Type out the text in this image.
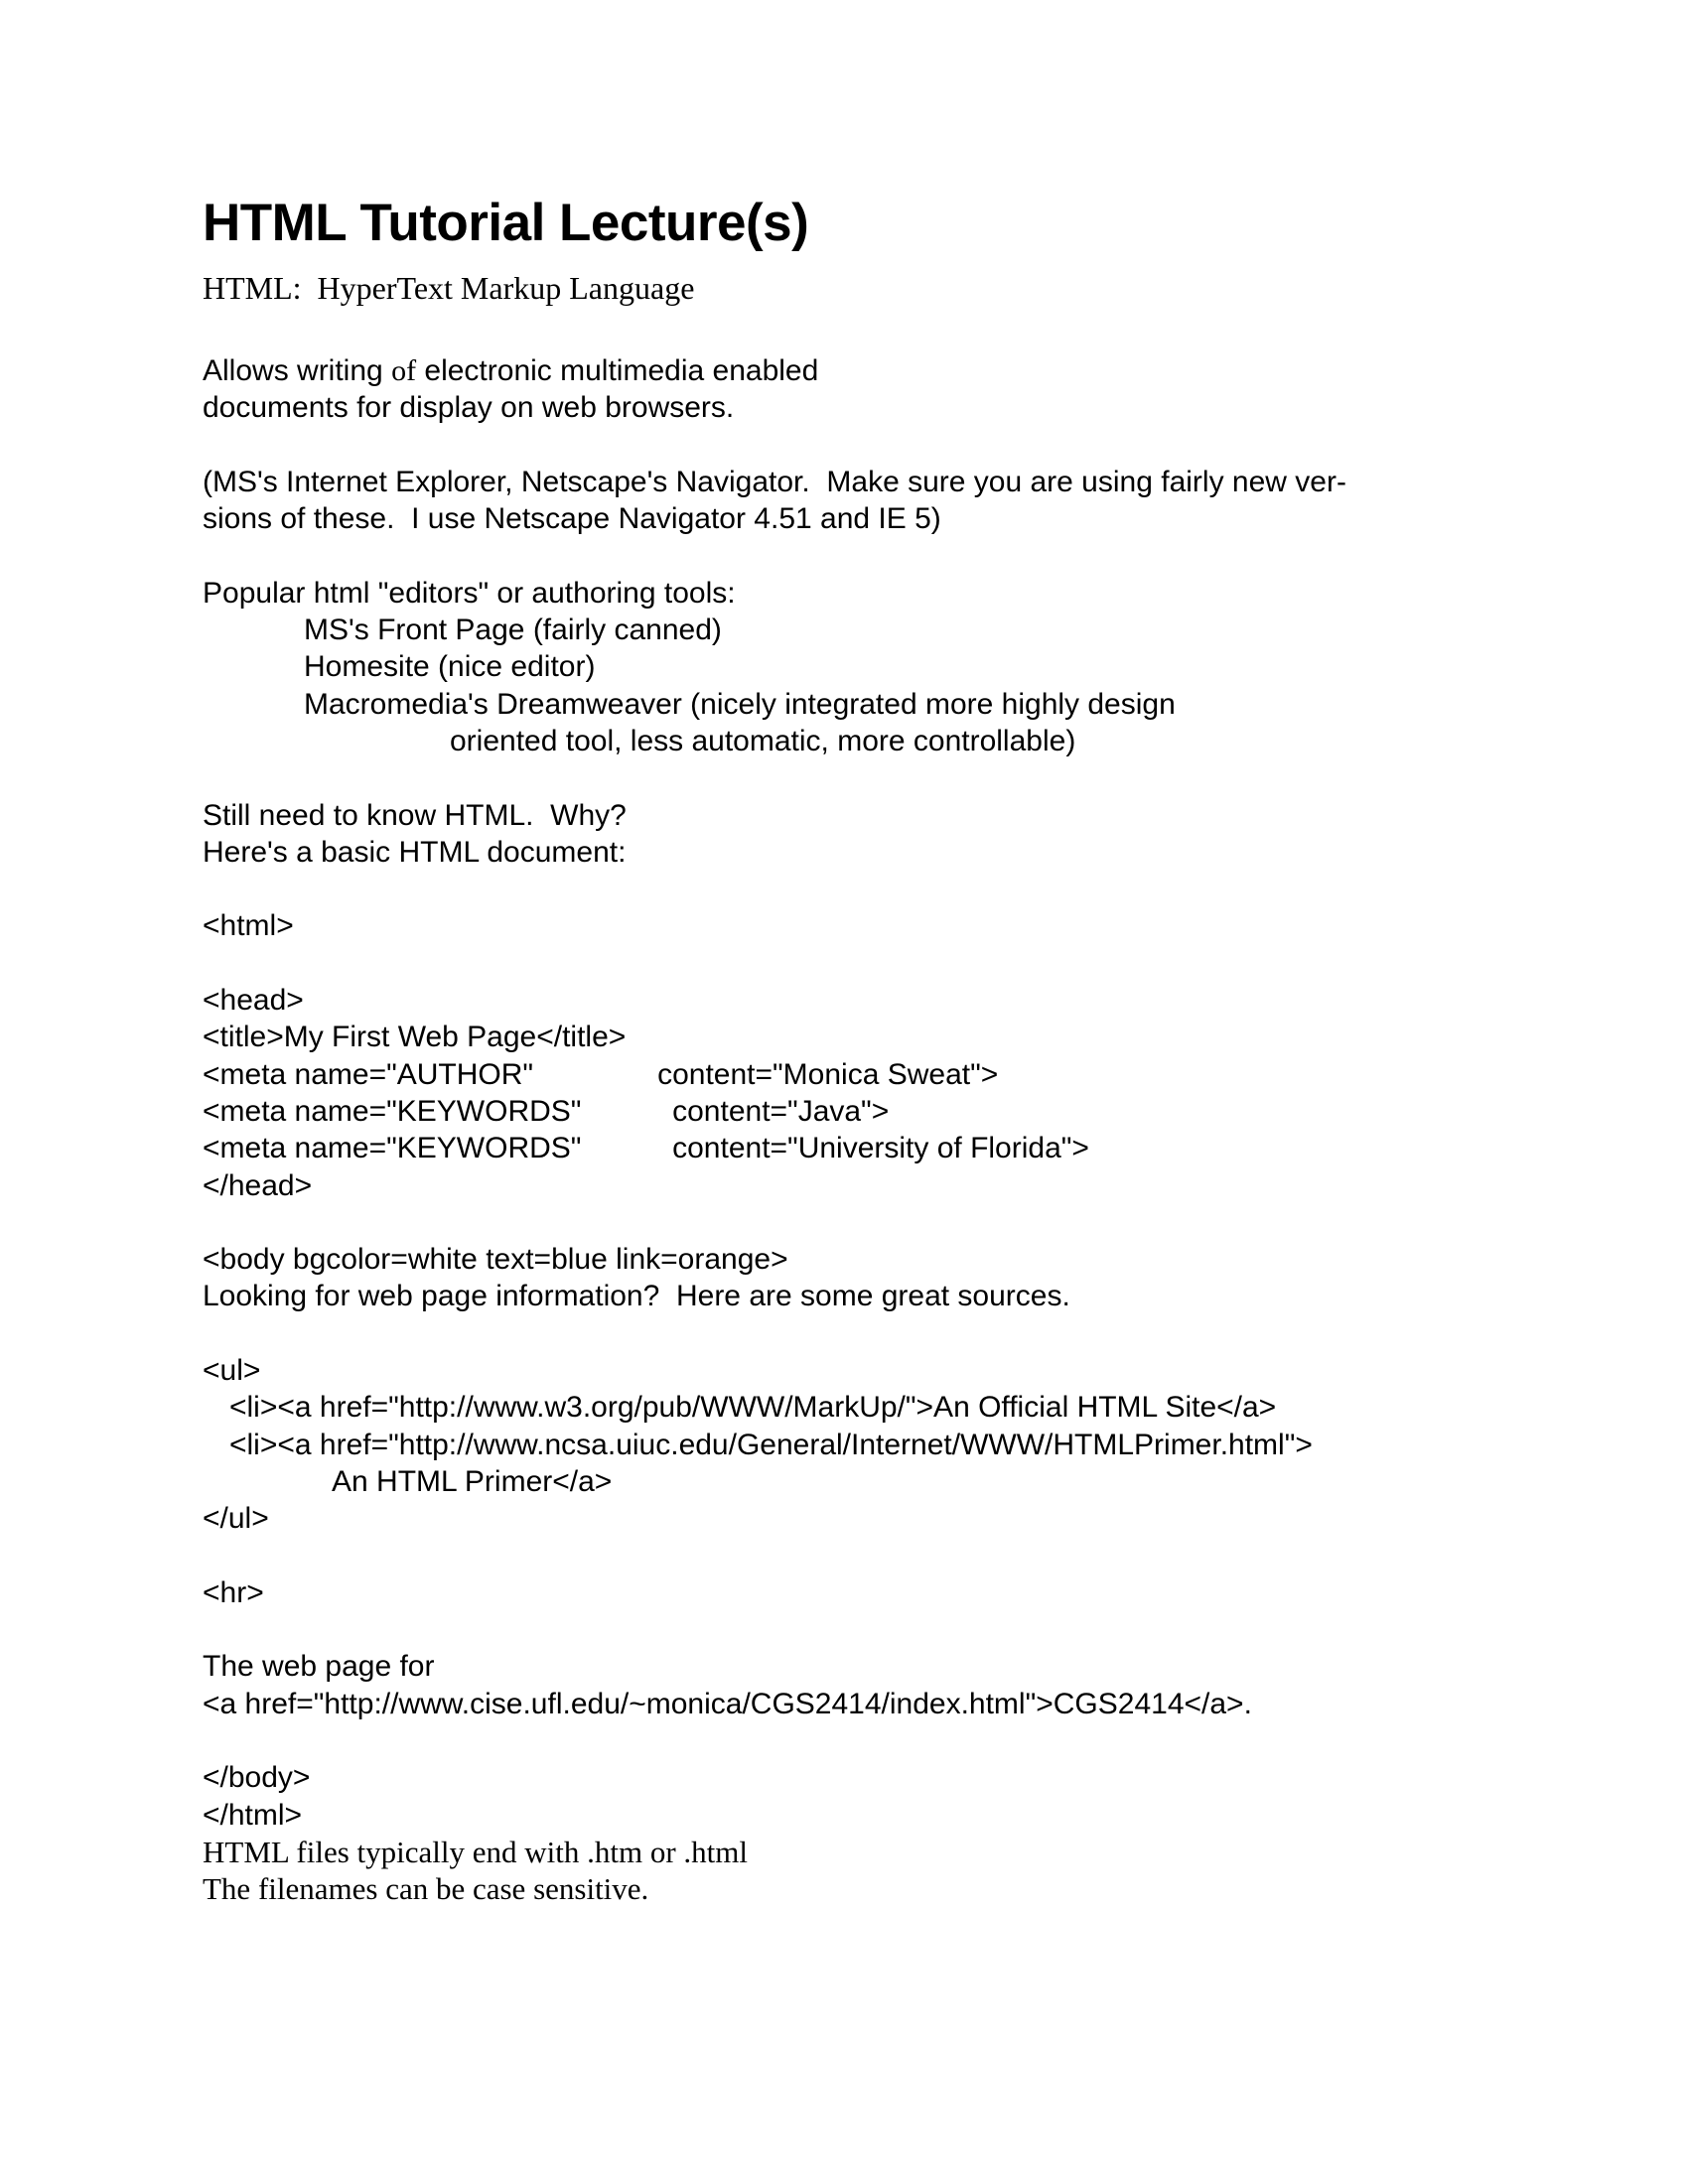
HTML Tutorial Lecture(s)
HTML:  HyperText Markup Language
Allows writing of electronic multimedia enabled
documents for display on web browsers.
(MS's Internet Explorer, Netscape's Navigator.  Make sure you are using fairly new ver-
sions of these.  I use Netscape Navigator 4.51 and IE 5)
Popular html "editors" or authoring tools:
MS's Front Page (fairly canned)
Homesite (nice editor)
Macromedia's Dreamweaver (nicely integrated more highly design
oriented tool, less automatic, more controllable)
Still need to know HTML.  Why?
Here's a basic HTML document:
<html>
<head>
<title>My First Web Page</title>
<meta name="AUTHOR"               content="Monica Sweat">
<meta name="KEYWORDS"           content="Java">
<meta name="KEYWORDS"           content="University of Florida">
</head>
<body bgcolor=white text=blue link=orange>
Looking for web page information?  Here are some great sources.
<ul>
<li><a href="http://www.w3.org/pub/WWW/MarkUp/">An Official HTML Site</a>
<li><a href="http://www.ncsa.uiuc.edu/General/Internet/WWW/HTMLPrimer.html">
An HTML Primer</a>
</ul>
<hr>
The web page for
<a href="http://www.cise.ufl.edu/~monica/CGS2414/index.html">CGS2414</a>.
</body>
</html>
HTML files typically end with .htm or .html
The filenames can be case sensitive.
